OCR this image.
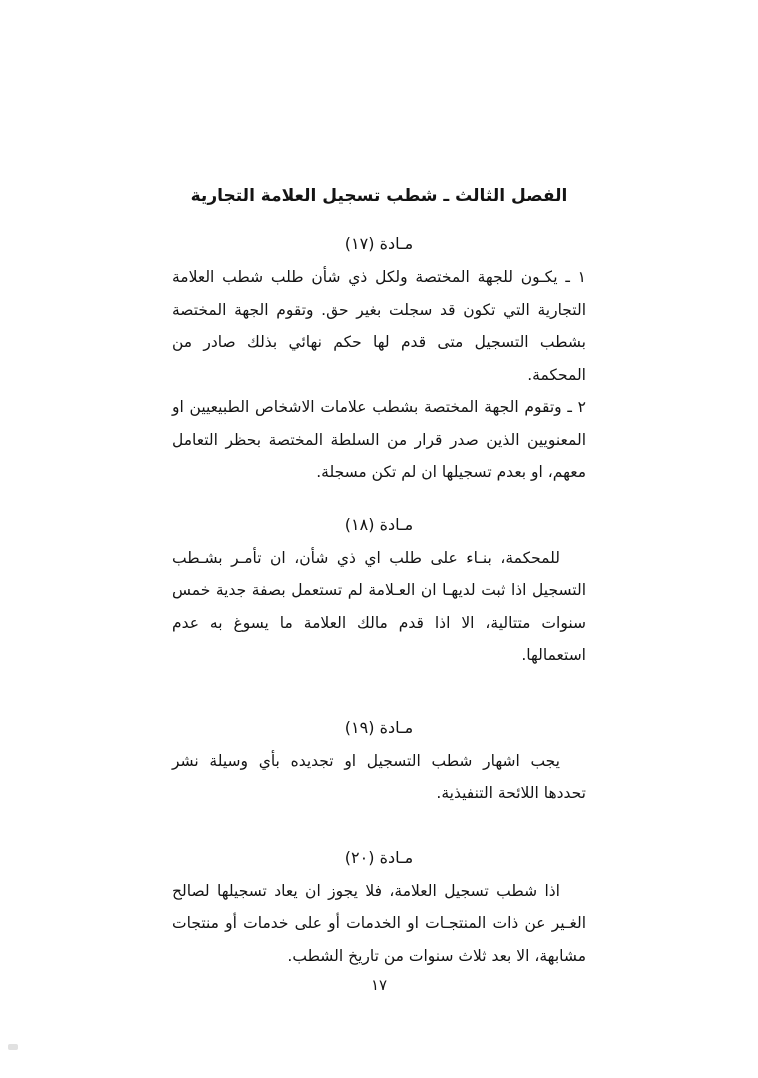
الفصل الثالث ـ شطب تسجيل العلامة التجارية
مـادة (١٧)

١ ـ يكـون للجهة المختصة ولكل ذي شأن طلب شطب العلامة التجارية التي تكون قد سجلت بغير حق. وتقوم الجهة المختصة بشطب التسجيل متى قدم لها حكم نهائي بذلك صادر من المحكمة.

٢ ـ وتقوم الجهة المختصة بشطب علامات الاشخاص الطبيعيين او المعنويين الذين صدر قرار من السلطة المختصة بحظر التعامل معهم، او بعدم تسجيلها ان لم تكن مسجلة.

مـادة (١٨)

للمحكمة، بنـاء على طلب اي ذي شأن، ان تأمـر بشـطب التسجيل اذا ثبت لديهـا ان العـلامة لم تستعمل بصفة جدية خمس سنوات متتالية، الا اذا قدم مالك العلامة ما يسوغ به عدم استعمالها.

مـادة (١٩)

يجب اشهار شطب التسجيل او تجديده بأي وسيلة نشر تحددها اللائحة التنفيذية.

مـادة (٢٠)

اذا شطب تسجيل العلامة، فلا يجوز ان يعاد تسجيلها لصالح الغـير عن ذات المنتجـات او الخدمات أو على خدمات أو منتجات مشابهة، الا بعد ثلاث سنوات من تاريخ الشطب.

١٧
